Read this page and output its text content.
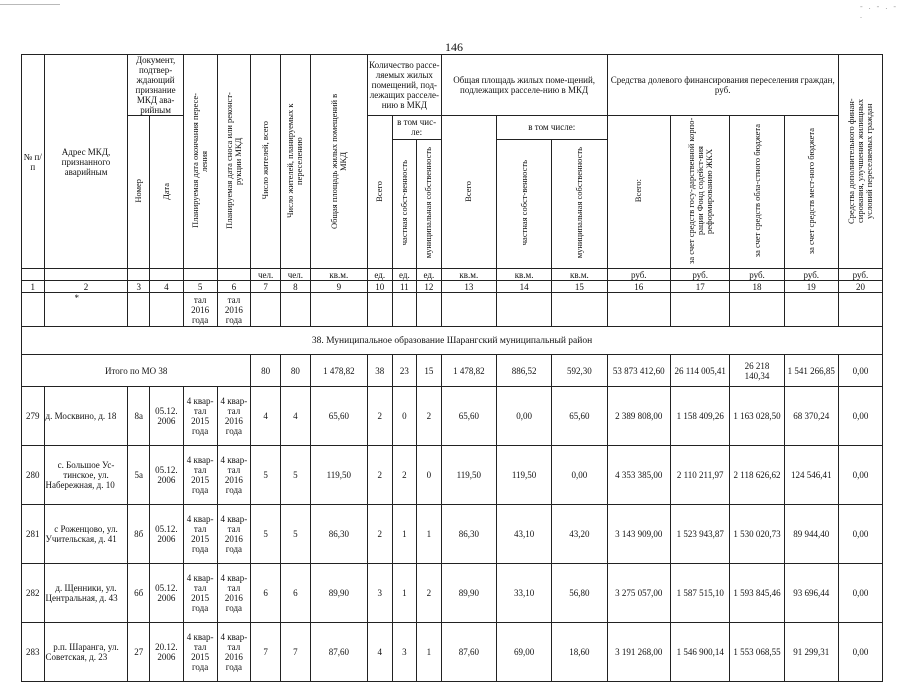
- . - . - .
146
№ п/п	Адрес МКД, признанного аварийным	Документ, подтвер-ждающий признание МКД ава-рийным		Планируемая дата окончания пересе-ления	Планируемая дата сноса или реконст-рукции МКД	Число жителей, всего	Число жителей, планируемых к переселению	Общая площадь жилых помещений в МКД	Количество рассе-ляемых жилых помещений, под-лежащих расселе-нию в МКД			Общая площадь жилых поме-щений, подлежащих расселе-нию в МКД			Средства долевого финансирования переселения граждан, руб.				Средства дополнительного финан-сирования, улучшения жилищных условий переселяемых граждан
		Номер	Дата						Всего	в том чис-ле:		Всего	в том числе:		Всего:	за счет средств госу-дарственной корпо-рации Фонд содейст-вия реформированию ЖКХ	за счет средств обла-стного бюджета	за счет средств мест-ного бюджета	
										частная собст-венность	муниципальная собственность		частная собст-венность	муниципальная собственность					
						чел.	чел.	кв.м.	ед.	ед.	ед.	кв.м.	кв.м.	кв.м.	руб.	руб.	руб.	руб.	руб.
1	2	3	4	5	6	7	8	9	10	11	12	13	14	15	16	17	18	19	20
	*			тал 2016 года	тал 2016 года														
38. Муниципальное образование Шарангский муниципальный район																			
Итого по МО 38						80	80	1 478,82	38	23	15	1 478,82	886,52	592,30	53 873 412,60	26 114 005,41	26 218 140,34	1 541 266,85	0,00
279	д. Москвино, д. 18	8а	05.12. 2006	4 квар-тал 2015 года	4 квар-тал 2016 года	4	4	65,60	2	0	2	65,60	0,00	65,60	2 389 808,00	1 158 409,26	1 163 028,50	68 370,24	0,00
280	с. Большое Ус-тинское, ул. Набережная, д. 10	5а	05.12. 2006	4 квар-тал 2015 года	4 квар-тал 2016 года	5	5	119,50	2	2	0	119,50	119,50	0,00	4 353 385,00	2 110 211,97	2 118 626,62	124 546,41	0,00
281	с Роженцово, ул. Учительская, д. 41	8б	05.12. 2006	4 квар-тал 2015 года	4 квар-тал 2016 года	5	5	86,30	2	1	1	86,30	43,10	43,20	3 143 909,00	1 523 943,87	1 530 020,73	89 944,40	0,00
282	д. Щенники, ул. Центральная, д. 43	6б	05.12. 2006	4 квар-тал 2015 года	4 квар-тал 2016 года	6	6	89,90	3	1	2	89,90	33,10	56,80	3 275 057,00	1 587 515,10	1 593 845,46	93 696,44	0,00
283	р.п. Шаранга, ул. Советская, д. 23	27	20.12. 2006	4 квар-тал 2015 года	4 квар-тал 2016 года	7	7	87,60	4	3	1	87,60	69,00	18,60	3 191 268,00	1 546 900,14	1 553 068,55	91 299,31	0,00
